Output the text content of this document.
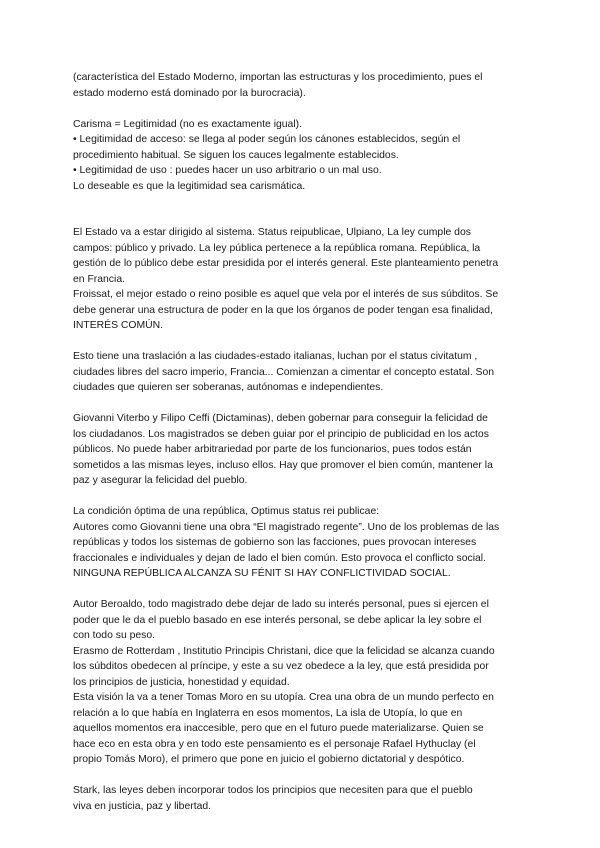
(característica del Estado Moderno, importan las estructuras y los procedimiento, pues el
estado moderno está dominado por la burocracia).

Carisma = Legitimidad (no es exactamente igual).
• Legitimidad de acceso: se llega al poder según los cánones establecidos, según el
procedimiento habitual. Se siguen los cauces legalmente establecidos.
• Legitimidad de uso : puedes hacer un uso arbitrario o un mal uso.
Lo deseable es que la legitimidad sea carismática.

El Estado va a estar dirigido al sistema. Status reipublicae, Ulpiano, La ley cumple dos
campos: público y privado. La ley pública pertenece a la república romana. República, la
gestión de lo público debe estar presidida por el interés general. Este planteamiento penetra
en Francia.
Froissat, el mejor estado o reino posible es aquel que vela por el interés de sus súbditos. Se
debe generar una estructura de poder en la que los órganos de poder tengan esa finalidad,
INTERÉS COMÚN.

Esto tiene una traslación a las ciudades-estado italianas, luchan por el status civitatum ,
ciudades libres del sacro imperio, Francia... Comienzan a cimentar el concepto estatal. Son
ciudades que quieren ser soberanas, autónomas e independientes.

Giovanni Viterbo y Filipo Ceffi (Dictaminas), deben gobernar para conseguir la felicidad de
los ciudadanos. Los magistrados se deben guiar por el principio de publicidad en los actos
públicos. No puede haber arbitrariedad por parte de los funcionarios, pues todos están
sometidos a las mismas leyes, incluso ellos. Hay que promover el bien común, mantener la
paz y asegurar la felicidad del pueblo.

La condición óptima de una república, Optimus status rei publicae:
Autores como Giovanni tiene una obra “El magistrado regente”. Uno de los problemas de las
repúblicas y todos los sistemas de gobierno son las facciones, pues provocan intereses
fraccionales e individuales y dejan de lado el bien común. Esto provoca el conflicto social.
NINGUNA REPÚBLICA ALCANZA SU FÉNIT SI HAY CONFLICTIVIDAD SOCIAL.

Autor Beroaldo, todo magistrado debe dejar de lado su interés personal, pues si ejercen el
poder que le da el pueblo basado en ese interés personal, se debe aplicar la ley sobre el
con todo su peso.
Erasmo de Rotterdam , Institutio Principis Christani, dice que la felicidad se alcanza cuando
los súbditos obedecen al príncipe, y este a su vez obedece a la ley, que está presidida por
los principios de justicia, honestidad y equidad.
Esta visión la va a tener Tomas Moro en su utopía. Crea una obra de un mundo perfecto en
relación a lo que había en Inglaterra en esos momentos, La isla de Utopía, lo que en
aquellos momentos era inaccesible, pero que en el futuro puede materializarse. Quien se
hace eco en esta obra y en todo este pensamiento es el personaje Rafael Hythuclay (el
propio Tomás Moro), el primero que pone en juicio el gobierno dictatorial y despótico.

Stark, las leyes deben incorporar todos los principios que necesiten para que el pueblo
viva en justicia, paz y libertad.
